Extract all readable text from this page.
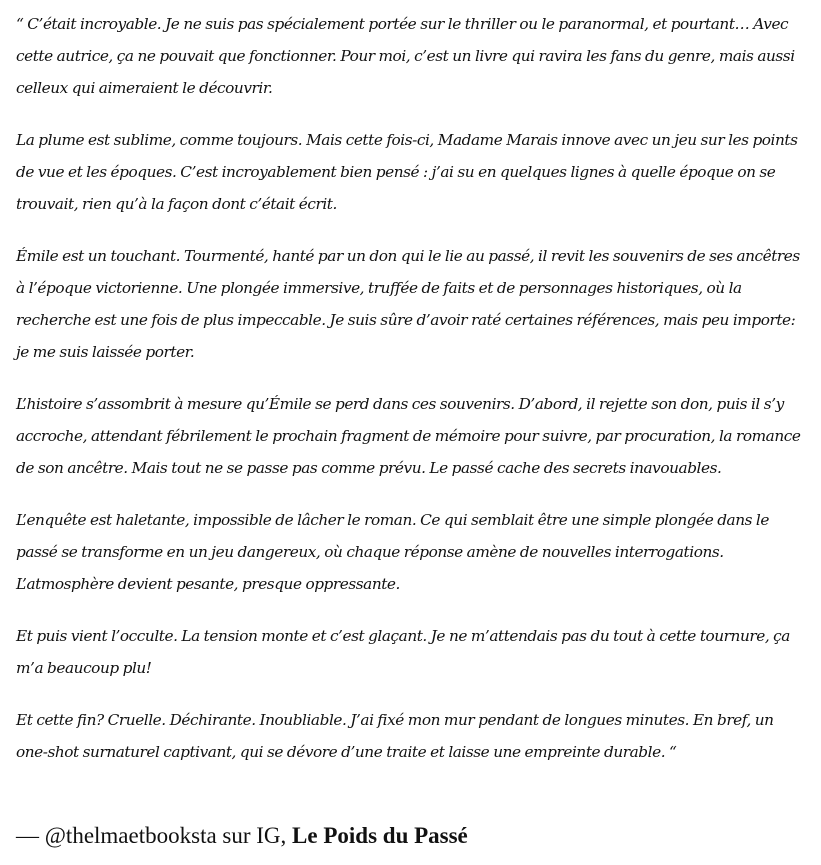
“ C’était incroyable. Je ne suis pas spécialement portée sur le thriller ou le paranormal, et pourtant… Avec cette autrice, ça ne pouvait que fonctionner. Pour moi, c’est un livre qui ravira les fans du genre, mais aussi celleux qui aimeraient le découvrir.

La plume est sublime, comme toujours. Mais cette fois-ci, Madame Marais innove avec un jeu sur les points de vue et les époques. C’est incroyablement bien pensé : j’ai su en quelques lignes à quelle époque on se trouvait, rien qu’à la façon dont c’était écrit.

Émile est un touchant. Tourmenté, hanté par un don qui le lie au passé, il revit les souvenirs de ses ancêtres à l’époque victorienne. Une plongée immersive, truffée de faits et de personnages historiques, où la recherche est une fois de plus impeccable. Je suis sûre d’avoir raté certaines références, mais peu importe: je me suis laissée porter.

L’histoire s’assombrit à mesure qu’Émile se perd dans ces souvenirs. D’abord, il rejette son don, puis il s’y accroche, attendant fébrilement le prochain fragment de mémoire pour suivre, par procuration, la romance de son ancêtre. Mais tout ne se passe pas comme prévu. Le passé cache des secrets inavouables.

L’enquête est haletante, impossible de lâcher le roman. Ce qui semblait être une simple plongée dans le passé se transforme en un jeu dangereux, où chaque réponse amène de nouvelles interrogations. L’atmosphère devient pesante, presque oppressante.

Et puis vient l’occulte. La tension monte et c’est glaçant. Je ne m’attendais pas du tout à cette tournure, ça m’a beaucoup plu!

Et cette fin? Cruelle. Déchirante. Inoubliable. J’ai fixé mon mur pendant de longues minutes. En bref, un one-shot surnaturel captivant, qui se dévore d’une traite et laisse une empreinte durable. “

— @thelmaetbooksta sur IG, Le Poids du Passé
